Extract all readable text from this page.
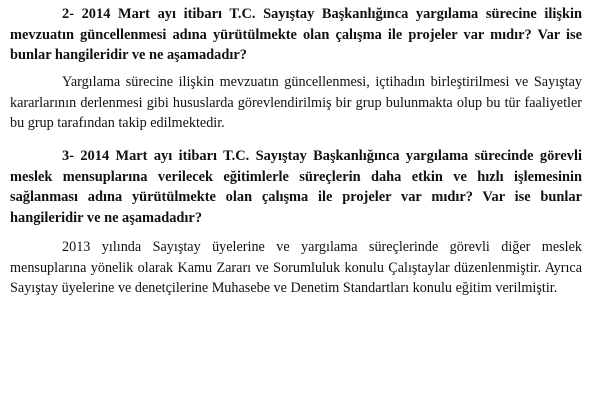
2- 2014 Mart ayı itibarı T.C. Sayıştay Başkanlığınca yargılama sürecine ilişkin mevzuatın güncellenmesi adına yürütülmekte olan çalışma ile projeler var mıdır? Var ise bunlar hangileridir ve ne aşamadadır?

Yargılama sürecine ilişkin mevzuatın güncellenmesi, içtihadın birleştirilmesi ve Sayıştay kararlarının derlenmesi gibi hususlarda görevlendirilmiş bir grup bulunmakta olup bu tür faaliyetler bu grup tarafından takip edilmektedir.

3- 2014 Mart ayı itibarı T.C. Sayıştay Başkanlığınca yargılama sürecinde görevli meslek mensuplarına verilecek eğitimlerle süreçlerin daha etkin ve hızlı işlemesinin sağlanması adına yürütülmekte olan çalışma ile projeler var mıdır? Var ise bunlar hangileridir ve ne aşamadadır?

2013 yılında Sayıştay üyelerine ve yargılama süreçlerinde görevli diğer meslek mensuplarına yönelik olarak Kamu Zararı ve Sorumluluk konulu Çalıştaylar düzenlenmiştir. Ayrıca Sayıştay üyelerine ve denetçilerine Muhasebe ve Denetim Standartları konulu eğitim verilmiştir.
